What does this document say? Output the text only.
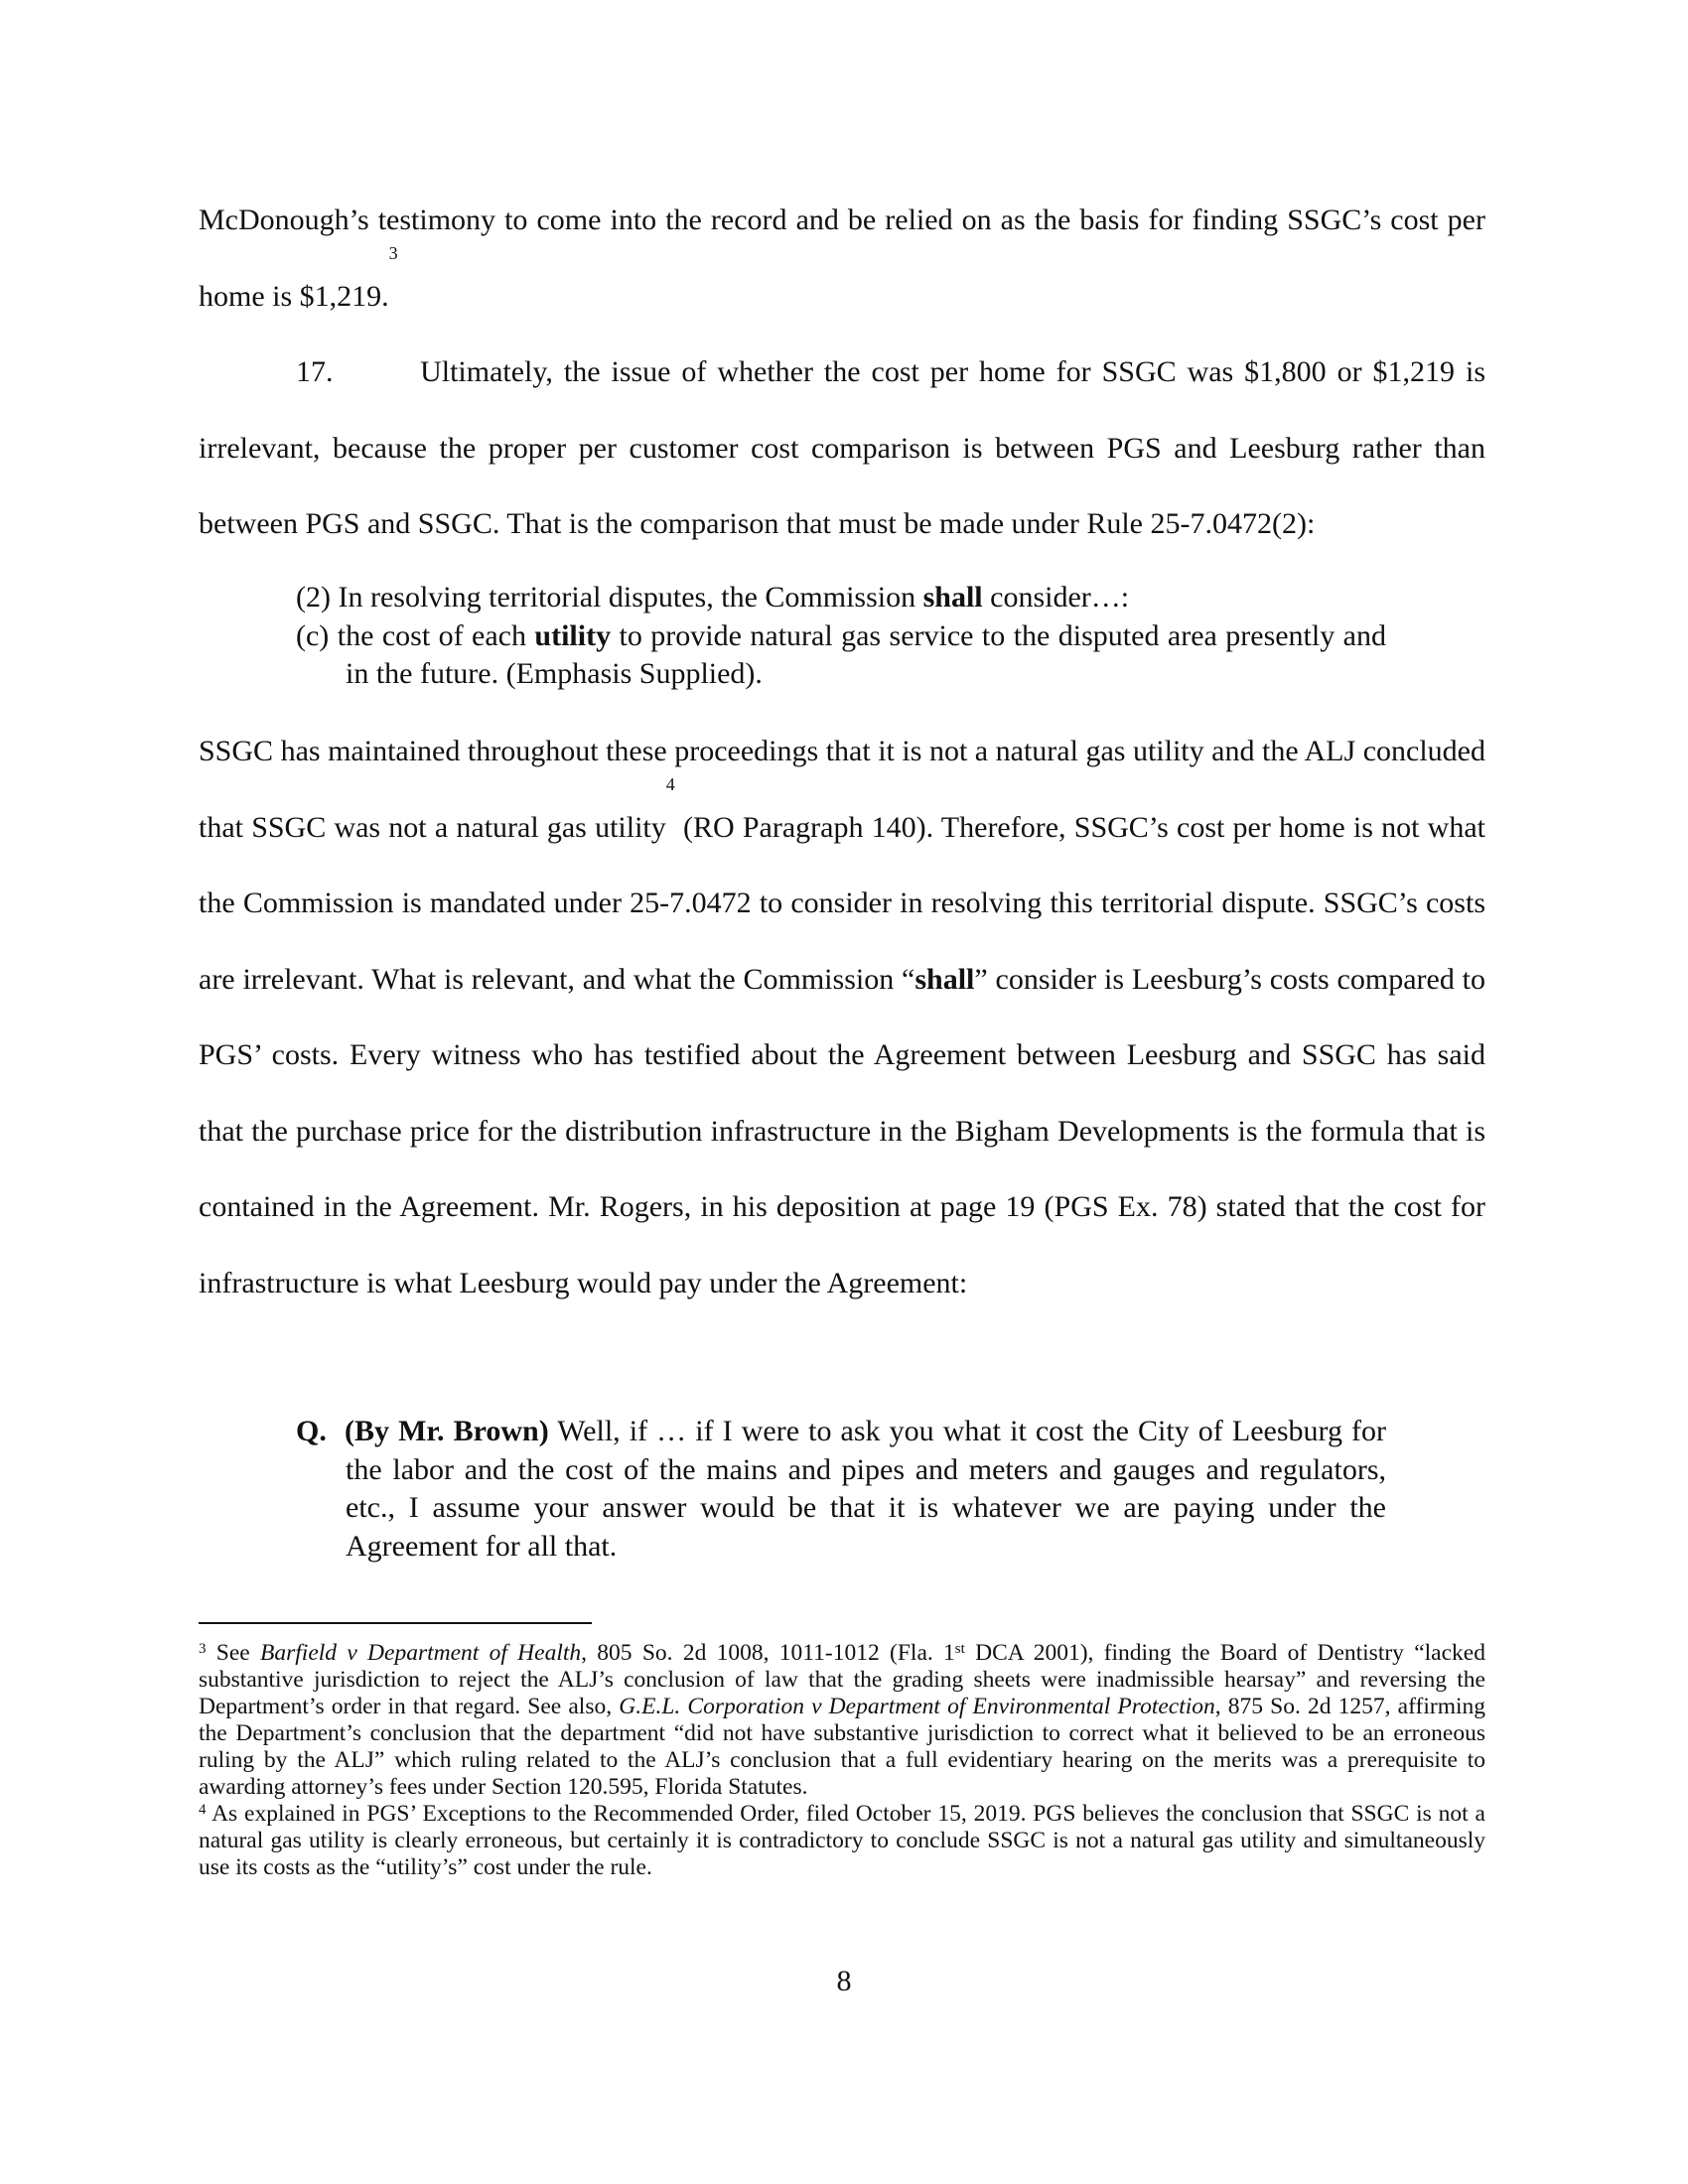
McDonough’s testimony to come into the record and be relied on as the basis for finding SSGC’s cost per home is $1,219.$^3$

17.	Ultimately, the issue of whether the cost per home for SSGC was $1,800 or $1,219 is irrelevant, because the proper per customer cost comparison is between PGS and Leesburg rather than between PGS and SSGC. That is the comparison that must be made under Rule 25-7.0472(2):

(2) In resolving territorial disputes, the Commission shall consider…:

(c) the cost of each utility to provide natural gas service to the disputed area presently and in the future. (Emphasis Supplied).

SSGC has maintained throughout these proceedings that it is not a natural gas utility and the ALJ concluded that SSGC was not a natural gas utility$^4$ (RO Paragraph 140). Therefore, SSGC’s cost per home is not what the Commission is mandated under 25-7.0472 to consider in resolving this territorial dispute. SSGC’s costs are irrelevant. What is relevant, and what the Commission “shall” consider is Leesburg’s costs compared to PGS’ costs. Every witness who has testified about the Agreement between Leesburg and SSGC has said that the purchase price for the distribution infrastructure in the Bigham Developments is the formula that is contained in the Agreement. Mr. Rogers, in his deposition at page 19 (PGS Ex. 78) stated that the cost for infrastructure is what Leesburg would pay under the Agreement:

Q. (By Mr. Brown) Well, if … if I were to ask you what it cost the City of Leesburg for the labor and the cost of the mains and pipes and meters and gauges and regulators, etc., I assume your answer would be that it is whatever we are paying under the Agreement for all that.

$^3$ See Barfield v Department of Health, 805 So. 2d 1008, 1011-1012 (Fla. 1st DCA 2001), finding the Board of Dentistry “lacked substantive jurisdiction to reject the ALJ’s conclusion of law that the grading sheets were inadmissible hearsay” and reversing the Department’s order in that regard. See also, G.E.L. Corporation v Department of Environmental Protection, 875 So. 2d 1257, affirming the Department’s conclusion that the department “did not have substantive jurisdiction to correct what it believed to be an erroneous ruling by the ALJ” which ruling related to the ALJ’s conclusion that a full evidentiary hearing on the merits was a prerequisite to awarding attorney’s fees under Section 120.595, Florida Statutes.

$^4$ As explained in PGS’ Exceptions to the Recommended Order, filed October 15, 2019. PGS believes the conclusion that SSGC is not a natural gas utility is clearly erroneous, but certainly it is contradictory to conclude SSGC is not a natural gas utility and simultaneously use its costs as the “utility’s” cost under the rule.

8
